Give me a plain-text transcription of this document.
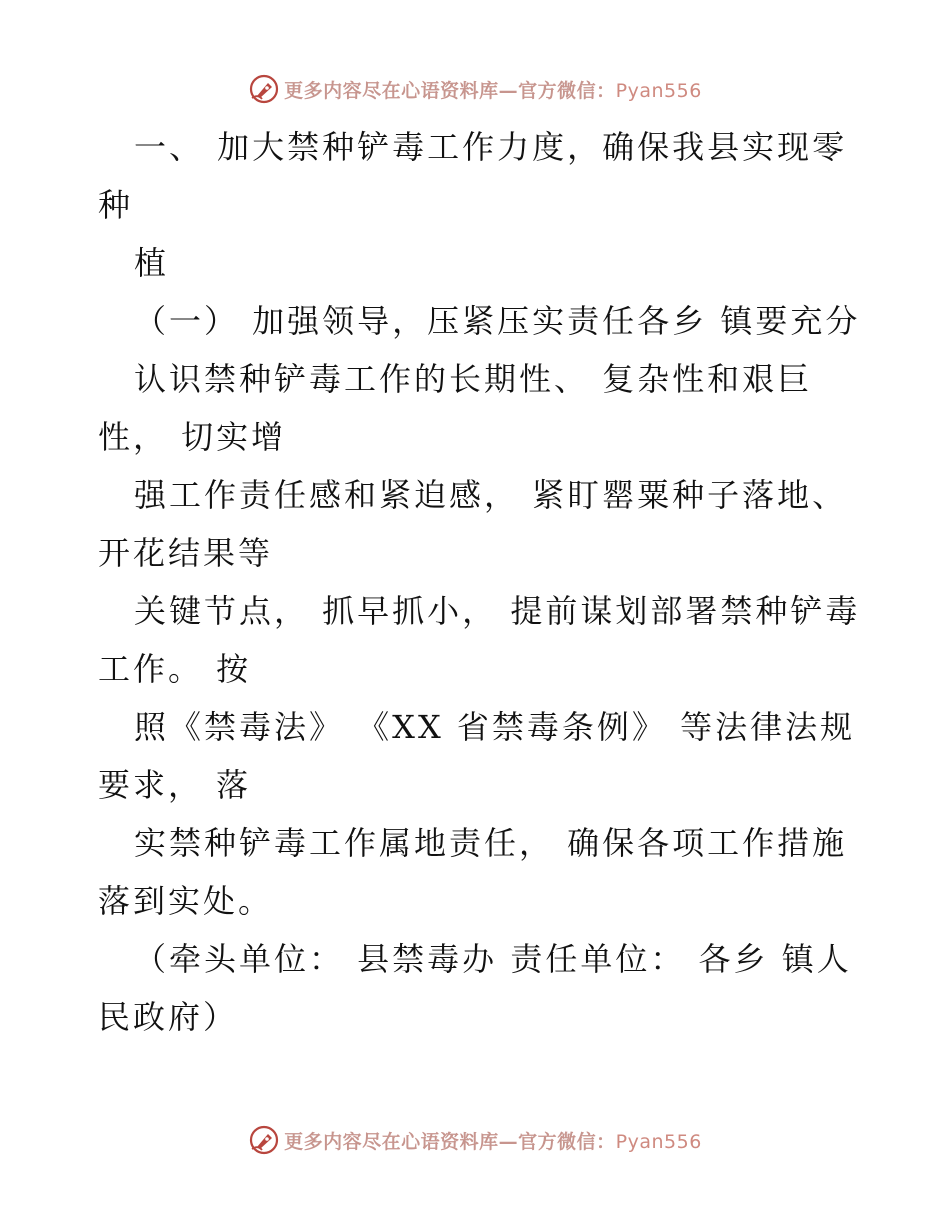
更多内容尽在心语资料库—官方微信：Pyan556
一、 加大禁种铲毒工作力度，确保我县实现零
种
植
（一） 加强领导，压紧压实责任各乡 镇要充分
认识禁种铲毒工作的长期性、 复杂性和艰巨
性， 切实增
强工作责任感和紧迫感， 紧盯罂粟种子落地、
开花结果等
关键节点， 抓早抓小， 提前谋划部署禁种铲毒
工作。 按
照《禁毒法》 《XX 省禁毒条例》 等法律法规
要求， 落
实禁种铲毒工作属地责任， 确保各项工作措施
落到实处。
（牵头单位： 县禁毒办 责任单位： 各乡 镇人
民政府）
更多内容尽在心语资料库—官方微信：Pyan556
